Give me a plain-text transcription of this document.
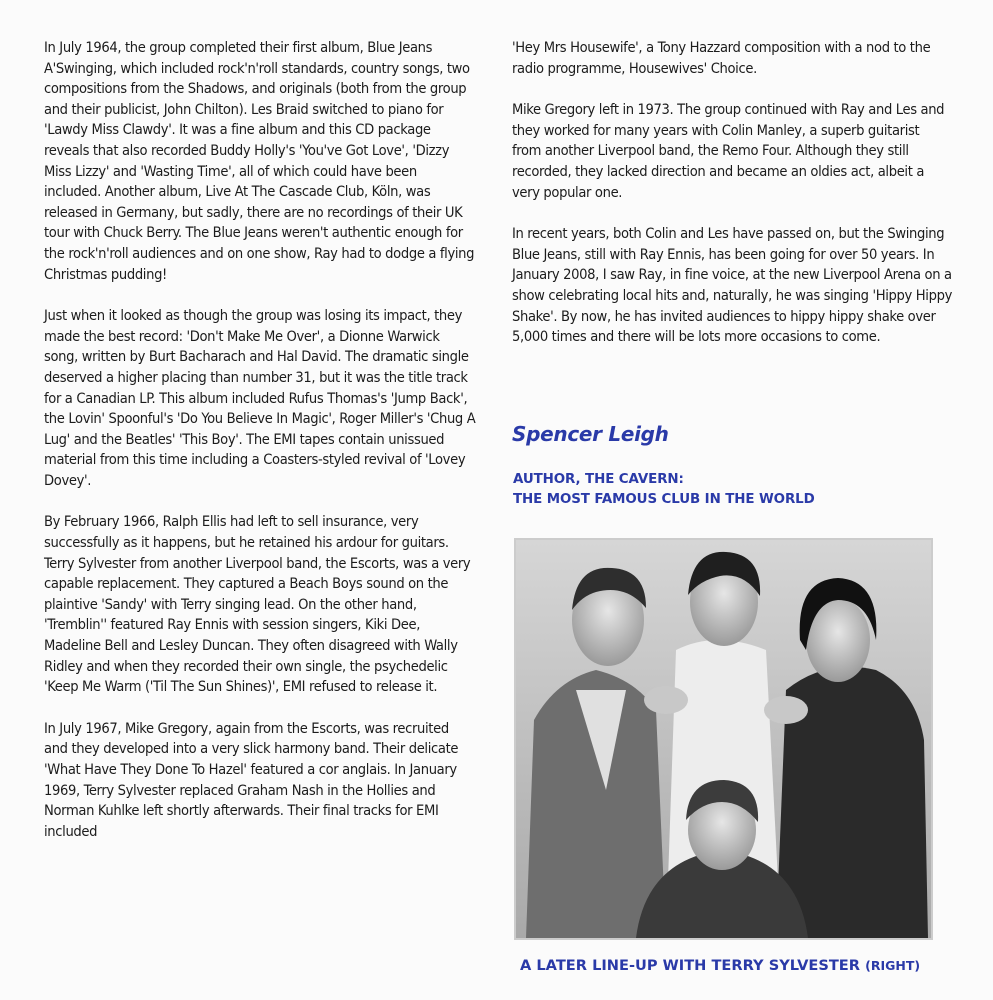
In July 1964, the group completed their first album, Blue Jeans A'Swinging, which included rock'n'roll standards, country songs, two compositions from the Shadows, and originals (both from the group and their publicist, John Chilton). Les Braid switched to piano for 'Lawdy Miss Clawdy'. It was a fine album and this CD package reveals that also recorded Buddy Holly's 'You've Got Love', 'Dizzy Miss Lizzy' and 'Wasting Time', all of which could have been included. Another album, Live At The Cascade Club, Köln, was released in Germany, but sadly, there are no recordings of their UK tour with Chuck Berry. The Blue Jeans weren't authentic enough for the rock'n'roll audiences and on one show, Ray had to dodge a flying Christmas pudding!

Just when it looked as though the group was losing its impact, they made the best record: 'Don't Make Me Over', a Dionne Warwick song, written by Burt Bacharach and Hal David. The dramatic single deserved a higher placing than number 31, but it was the title track for a Canadian LP. This album included Rufus Thomas's 'Jump Back', the Lovin' Spoonful's 'Do You Believe In Magic', Roger Miller's 'Chug A Lug' and the Beatles' 'This Boy'. The EMI tapes contain unissued material from this time including a Coasters-styled revival of 'Lovey Dovey'.

By February 1966, Ralph Ellis had left to sell insurance, very successfully as it happens, but he retained his ardour for guitars. Terry Sylvester from another Liverpool band, the Escorts, was a very capable replacement. They captured a Beach Boys sound on the plaintive 'Sandy' with Terry singing lead. On the other hand, 'Tremblin'' featured Ray Ennis with session singers, Kiki Dee, Madeline Bell and Lesley Duncan. They often disagreed with Wally Ridley and when they recorded their own single, the psychedelic 'Keep Me Warm ('Til The Sun Shines)', EMI refused to release it.

In July 1967, Mike Gregory, again from the Escorts, was recruited and they developed into a very slick harmony band. Their delicate 'What Have They Done To Hazel' featured a cor anglais. In January 1969, Terry Sylvester replaced Graham Nash in the Hollies and Norman Kuhlke left shortly afterwards. Their final tracks for EMI included

'Hey Mrs Housewife', a Tony Hazzard composition with a nod to the radio programme, Housewives' Choice.

Mike Gregory left in 1973. The group continued with Ray and Les and they worked for many years with Colin Manley, a superb guitarist from another Liverpool band, the Remo Four. Although they still recorded, they lacked direction and became an oldies act, albeit a very popular one.

In recent years, both Colin and Les have passed on, but the Swinging Blue Jeans, still with Ray Ennis, has been going for over 50 years. In January 2008, I saw Ray, in fine voice, at the new Liverpool Arena on a show celebrating local hits and, naturally, he was singing 'Hippy Hippy Shake'. By now, he has invited audiences to hippy hippy shake over 5,000 times and there will be lots more occasions to come.

Spencer Leigh
AUTHOR, THE CAVERN:
THE MOST FAMOUS CLUB IN THE WORLD
A LATER LINE-UP WITH TERRY SYLVESTER (RIGHT)
